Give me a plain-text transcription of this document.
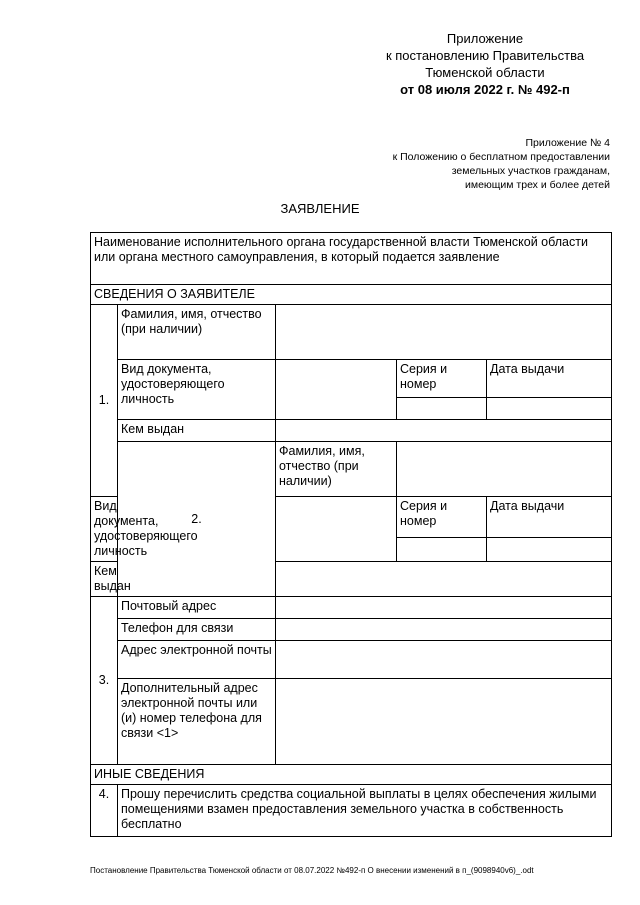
Приложение
к постановлению Правительства
Тюменской области
от 08 июля 2022 г. № 492-п
Приложение № 4
к Положению о бесплатном предоставлении
земельных участков гражданам,
имеющим трех и более детей
ЗАЯВЛЕНИЕ
Наименование исполнительного органа государственной власти Тюменской области или органа местного самоуправления, в который подается заявление				
СВЕДЕНИЯ О ЗАЯВИТЕЛЕ				
1.	Фамилия, имя, отчество (при наличии)			
	Вид документа, удостоверяющего личность		Серия и номер	Дата выдачи

	Кем выдан			
	2.	Фамилия, имя, отчество (при наличии)		
Вид документа, удостоверяющего личность			Серия и номер	Дата выдачи

Кем выдан				
3.	Почтовый адрес			
	Телефон для связи			
	Адрес электронной почты			
	Дополнительный адрес электронной почты или (и) номер телефона для связи <1>			
ИНЫЕ СВЕДЕНИЯ				
4.	Прошу перечислить средства социальной выплаты в целях обеспечения жилыми помещениями взамен предоставления земельного участка в собственность бесплатно			
Постановление Правительства Тюменской области от 08.07.2022 №492-п О внесении изменений в п_(9098940v6)_.odt
